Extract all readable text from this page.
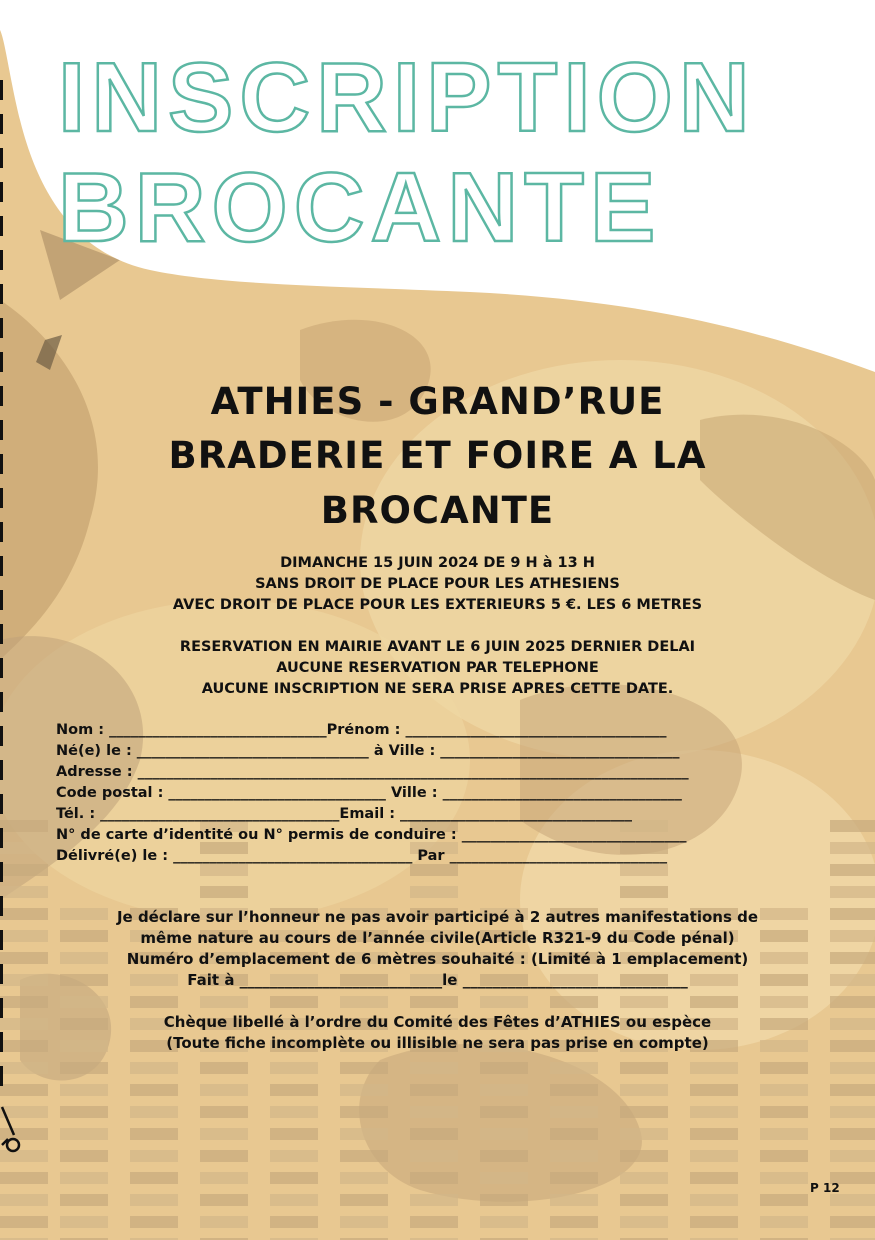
INSCRIPTION
BROCANTE
ATHIES - GRAND’RUE
BRADERIE ET FOIRE A LA
BROCANTE
DIMANCHE 15 JUIN 2024 DE 9 H à 13 H
SANS DROIT DE PLACE POUR LES ATHESIENS
AVEC DROIT DE PLACE POUR LES EXTERIEURS 5 €. LES 6 METRES
RESERVATION EN MAIRIE AVANT LE 6 JUIN 2025 DERNIER DELAI
AUCUNE RESERVATION PAR TELEPHONE
AUCUNE INSCRIPTION NE SERA PRISE APRES CETTE DATE.
Nom : ______________________________Prénom : ____________________________________
Né(e) le : ________________________________ à Ville : _________________________________
Adresse : ____________________________________________________________________________
Code postal : ______________________________ Ville : _________________________________
Tél. : _________________________________Email : ________________________________
N° de carte d’identité ou N° permis de conduire : _______________________________
Délivré(e) le : _________________________________ Par ______________________________
Je déclare sur l’honneur ne pas avoir participé à 2 autres manifestations de
même nature au cours de l’année civile(Article R321-9 du Code pénal)
Numéro d’emplacement de 6 mètres souhaité : (Limité à 1 emplacement)
Fait à ___________________________le ______________________________
Chèque libellé à l’ordre du Comité des Fêtes d’ATHIES ou espèce
(Toute fiche incomplète ou illisible ne sera pas prise en compte)
P 12
